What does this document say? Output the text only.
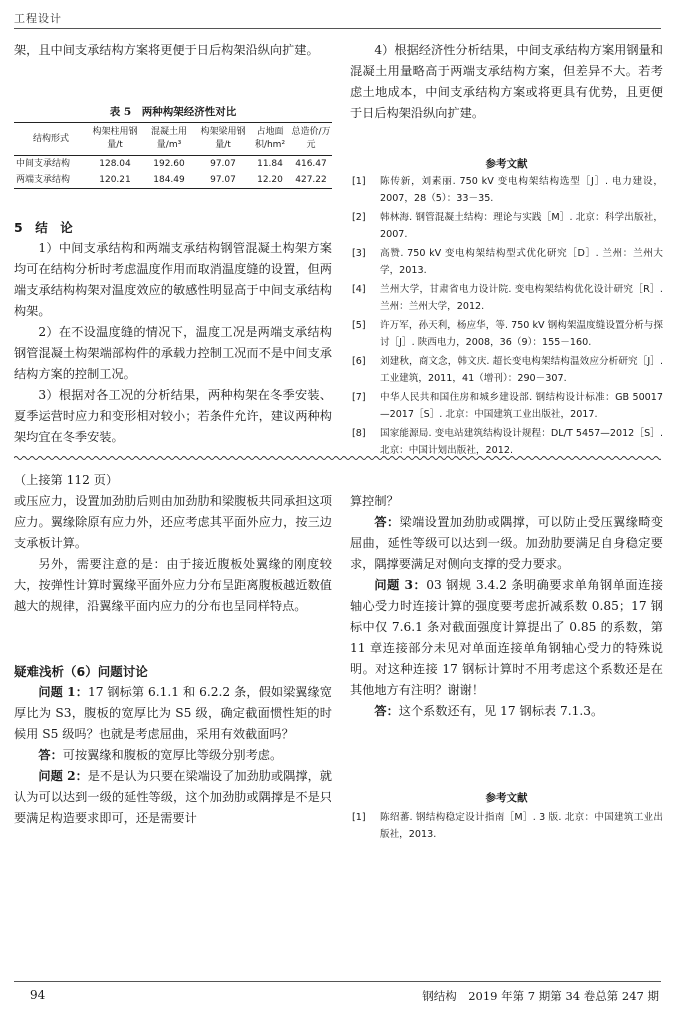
工程设计

架，且中间支承结构方案将更便于日后构架沿纵向扩建。

表 5　两种构架经济性对比
结构形式	构架柱用钢量/t	混凝土用量/m³	构架梁用钢量/t	占地面积/hm²	总造价/万元
中间支承结构	128.04	192.60	97.07	11.84	416.47
两端支承结构	120.21	184.49	97.07	12.20	427.22
5　结　论

1）中间支承结构和两端支承结构钢管混凝土构架方案均可在结构分析时考虑温度作用而取消温度缝的设置，但两端支承结构构架对温度效应的敏感性明显高于中间支承结构构架。

2）在不设温度缝的情况下，温度工况是两端支承结构钢管混凝土构架端部构件的承载力控制工况而不是中间支承结构方案的控制工况。

3）根据对各工况的分析结果，两种构架在冬季安装、夏季运营时应力和变形相对较小；若条件允许，建议两种构架均宜在冬季安装。

4）根据经济性分析结果，中间支承结构方案用钢量和混凝土用量略高于两端支承结构方案，但差异不大。若考虑土地成本，中间支承结构方案或将更具有优势，且更便于日后构架沿纵向扩建。

参考文献
[1] 陈传新，刘素丽. 750 kV 变电构架结构选型［J］. 电力建设，2007，28（5）：33－35.
[2] 韩林海. 钢管混凝土结构：理论与实践［M］. 北京：科学出版社，2007.
[3] 高赞. 750 kV 变电构架结构型式优化研究［D］. 兰州：兰州大学，2013.
[4] 兰州大学，甘肃省电力设计院. 变电构架结构优化设计研究［R］. 兰州：兰州大学，2012.
[5] 许万军，孙天利，杨应华，等. 750 kV 钢构架温度缝设置分析与探讨［J］. 陕西电力，2008，36（9）：155－160.
[6] 刘建秋，商文念，韩文庆. 超长变电构架结构温效应分析研究［J］. 工业建筑，2011，41（增刊）：290－307.
[7] 中华人民共和国住房和城乡建设部. 钢结构设计标准：GB 50017—2017［S］. 北京：中国建筑工业出版社，2017.
[8] 国家能源局. 变电站建筑结构设计规程：DL/T 5457—2012［S］. 北京：中国计划出版社，2012.
（上接第 112 页）

或压应力，设置加劲肋后则由加劲肋和梁腹板共同承担这项应力。翼缘除原有应力外，还应考虑其平面外应力，按三边支承板计算。

另外，需要注意的是：由于接近腹板处翼缘的刚度较大，按弹性计算时翼缘平面外应力分布呈距离腹板越近数值越大的规律，沿翼缘平面内应力的分布也呈同样特点。

疑难浅析（6）问题讨论

问题 1：17 钢标第 6.1.1 和 6.2.2 条，假如梁翼缘宽厚比为 S3，腹板的宽厚比为 S5 级，确定截面惯性矩的时候用 S5 级吗？也就是考虑屈曲，采用有效截面吗？

答：可按翼缘和腹板的宽厚比等级分别考虑。

问题 2：是不是认为只要在梁端设了加劲肋或隅撑，就认为可以达到一级的延性等级，这个加劲肋或隅撑是不是只要满足构造要求即可，还是需要计

算控制？

答：梁端设置加劲肋或隅撑，可以防止受压翼缘畸变屈曲，延性等级可以达到一级。加劲肋要满足自身稳定要求，隅撑要满足对侧向支撑的受力要求。

问题 3：03 钢规 3.4.2 条明确要求单角钢单面连接轴心受力时连接计算的强度要考虑折减系数 0.85；17 钢标中仅 7.6.1 条对截面强度计算提出了 0.85 的系数，第 11 章连接部分未见对单面连接单角钢轴心受力的特殊说明。对这种连接 17 钢标计算时不用考虑这个系数还是在其他地方有注明？谢谢！

答：这个系数还有，见 17 钢标表 7.1.3。

参考文献
[1] 陈绍蕃. 钢结构稳定设计指南［M］. 3 版. 北京：中国建筑工业出版社，2013.
94	钢结构　2019 年第 7 期第 34 卷总第 247 期
